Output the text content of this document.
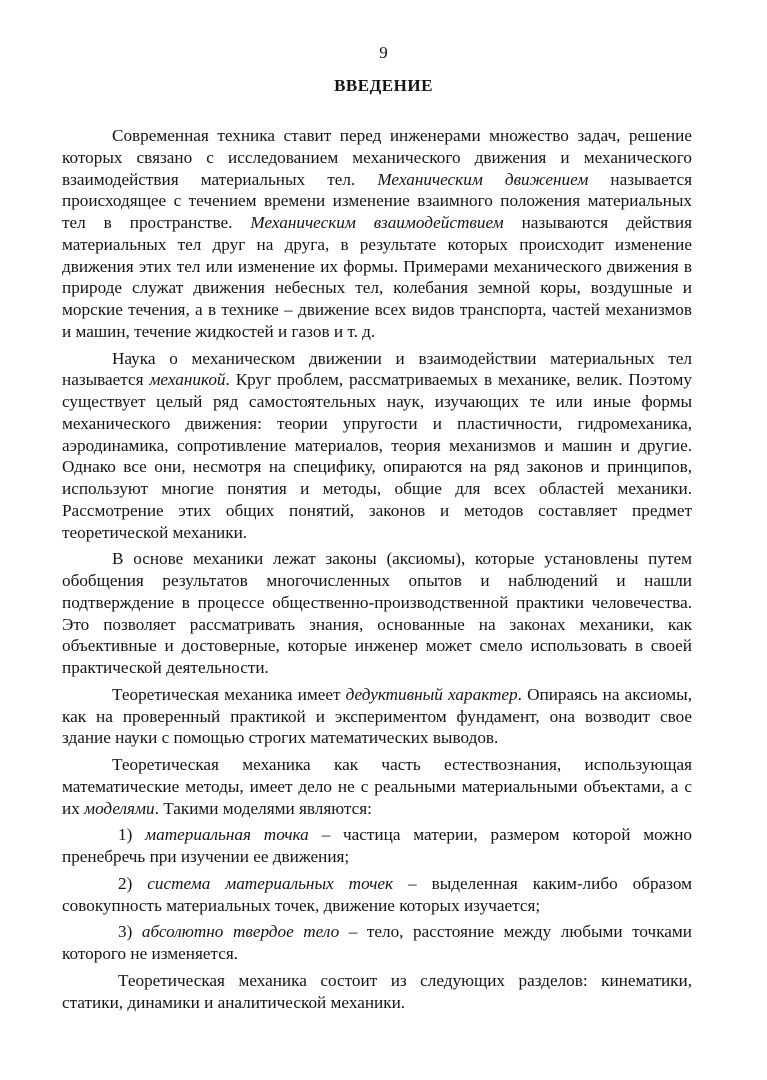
9
ВВЕДЕНИЕ

Современная техника ставит перед инженерами множество задач, решение которых связано с исследованием механического движения и механического взаимодействия материальных тел. Механическим движением называется происходящее с течением времени изменение взаимного положения материальных тел в пространстве. Механическим взаимодействием называются действия материальных тел друг на друга, в результате которых происходит изменение движения этих тел или изменение их формы. Примерами механического движения в природе служат движения небесных тел, колебания земной коры, воздушные и морские течения, а в технике – движение всех видов транспорта, частей механизмов и машин, течение жидкостей и газов и т. д.

Наука о механическом движении и взаимодействии материальных тел называется механикой. Круг проблем, рассматриваемых в механике, велик. Поэтому существует целый ряд самостоятельных наук, изучающих те или иные формы механического движения: теории упругости и пластичности, гидромеханика, аэродинамика, сопротивление материалов, теория механизмов и машин и другие. Однако все они, несмотря на специфику, опираются на ряд законов и принципов, используют многие понятия и методы, общие для всех областей механики. Рассмотрение этих общих понятий, законов и методов составляет предмет теоретической механики.

В основе механики лежат законы (аксиомы), которые установлены путем обобщения результатов многочисленных опытов и наблюдений и нашли подтверждение в процессе общественно-производственной практики человечества. Это позволяет рассматривать знания, основанные на законах механики, как объективные и достоверные, которые инженер может смело использовать в своей практической деятельности.

Теоретическая механика имеет дедуктивный характер. Опираясь на аксиомы, как на проверенный практикой и экспериментом фундамент, она возводит свое здание науки с помощью строгих математических выводов.

Теоретическая механика как часть естествознания, использующая математические методы, имеет дело не с реальными материальными объектами, а с их моделями. Такими моделями являются:

1) материальная точка – частица материи, размером которой можно пренебречь при изучении ее движения;

2) система материальных точек – выделенная каким-либо образом совокупность материальных точек, движение которых изучается;

3) абсолютно твердое тело – тело, расстояние между любыми точками которого не изменяется.

Теоретическая механика состоит из следующих разделов: кинематики, статики, динамики и аналитической механики.
